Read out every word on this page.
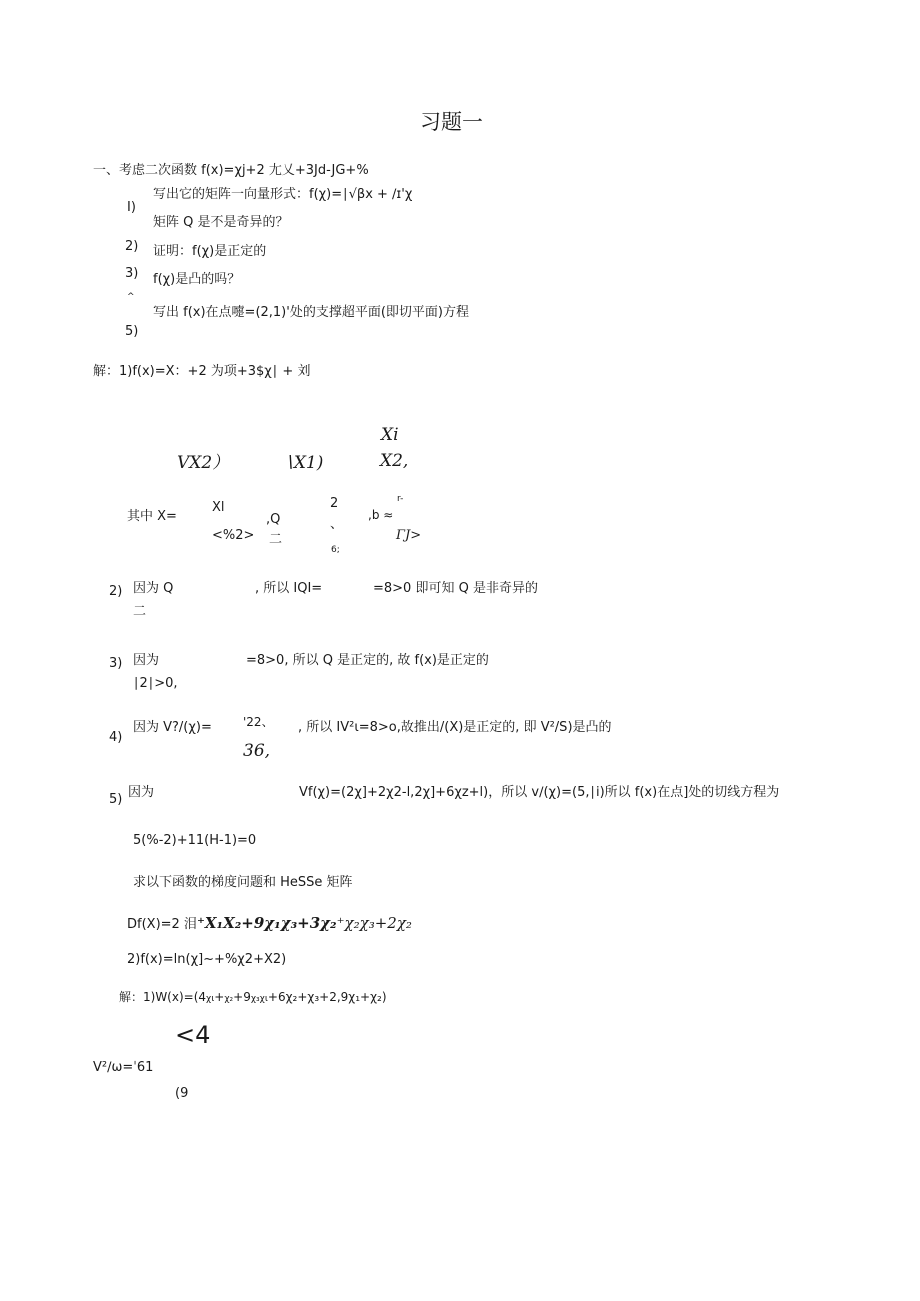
习题一
一、考虑二次函数 f(x)=χj+2 尢乂+3Jd-JG+%
I)
写出它的矩阵一向量形式：f(χ)=∣√βx + ∕ɪ'χ
矩阵 Q 是不是奇异的？
2) 证明：f(χ)是正定的
3) f(χ)是凸的吗？
^
写出 f(x)在点嚏=(2,1)'处的支撑超平面(即切平面)方程
5)
解：1)f(x)=X：+2 为项+3$χ∣ + 刘
Xi
VX2）	∖X1)	X2,
其中 X=
Xl
<%2>
,Q
二
2
、
6;
,b ≈
r-
ΓJ>
2) 因为 Q	, 所以 IQI=	=8>0 即可知 Q 是非奇异的
二
3) 因为	=8>0, 所以 Q 是正定的, 故 f(x)是正定的
∣2∣>0,
4)
因为 V?/(χ)=	'22、 , 所以 IV²ι=8>o,故推出/(X)是正定的, 即 V²/S)是凸的
36,
5) 因为	Vf(χ)=(2χ]+2χ2-l,2χ]+6χz+l)，所以 v∕(χ)=(5,∣i)所以 f(x)在点]处的切线方程为
5(%-2)+11(H-1)=0
求以下函数的梯度问题和 HeSSe 矩阵
Df(X)=2 泪⁺X₁X₂+9χ₁χ₃+3χ₂⁺χ₂χ₃+2χ₂
2)f(x)=ln(χ]~+%χ2+X2)
解：1)W(x)=(4χι+χ₂+9χ₃χι+6χ₂+χ₃+2,9χ₁+χ₂)
<4
V²∕ω=ˈ61
(9
